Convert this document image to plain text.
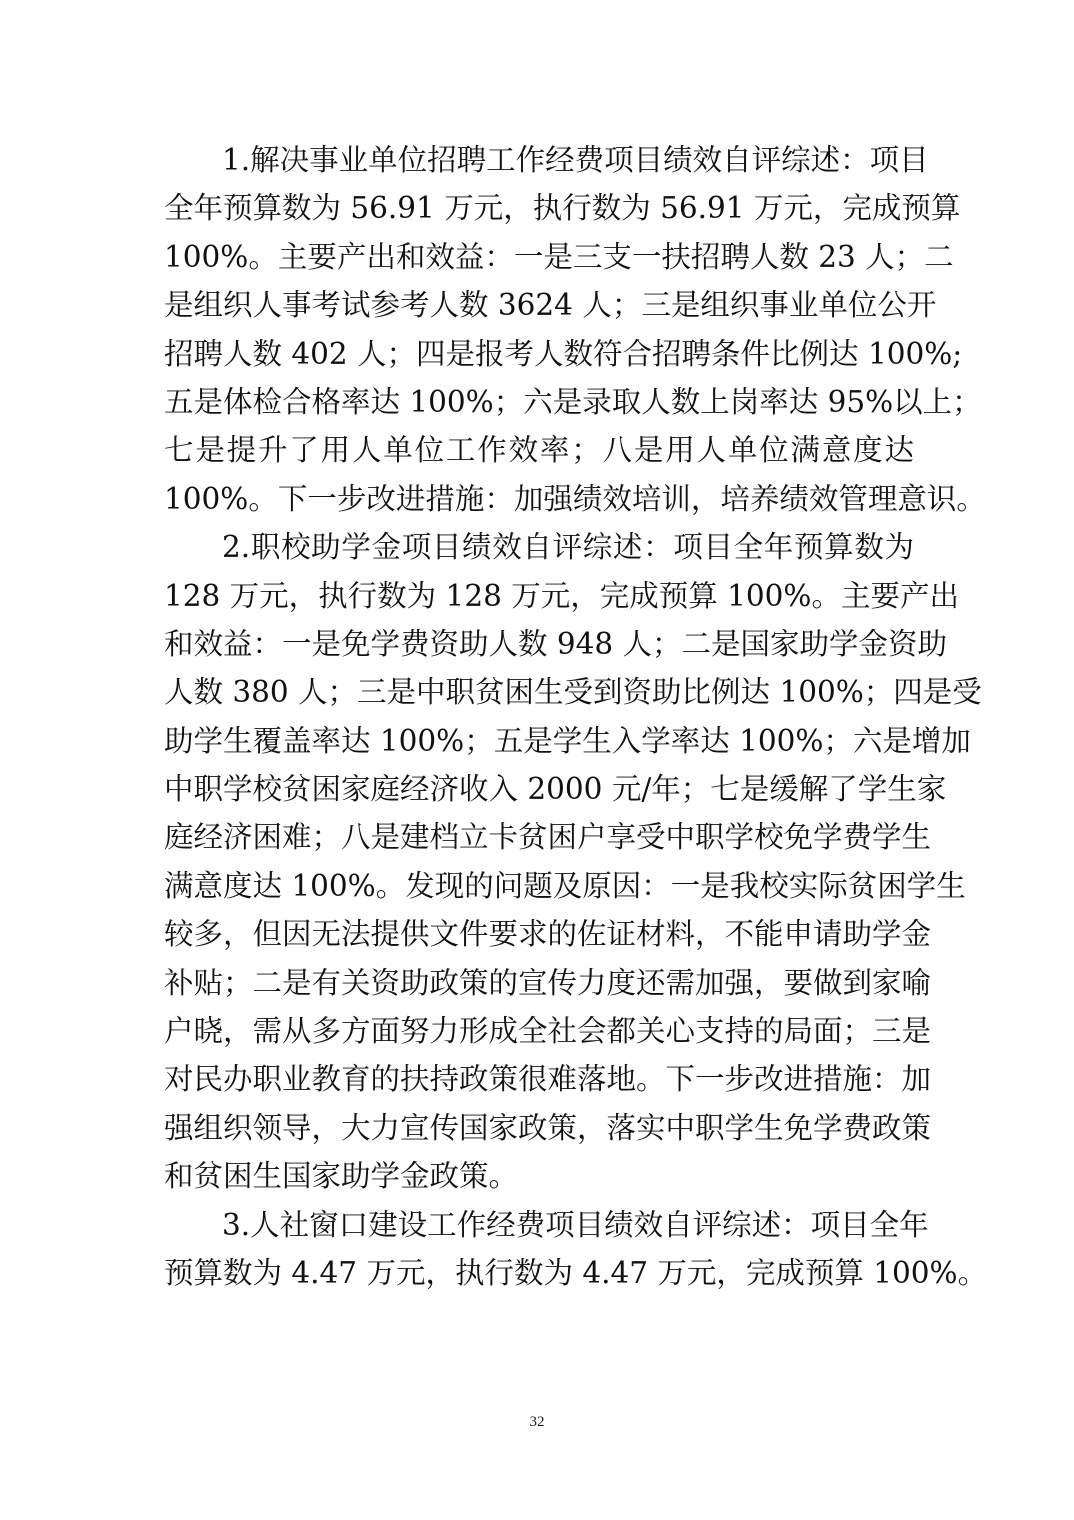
1.解决事业单位招聘工作经费项目绩效自评综述：项目
全年预算数为 56.91 万元，执行数为 56.91 万元，完成预算
100%。主要产出和效益：一是三支一扶招聘人数 23 人；二
是组织人事考试参考人数 3624 人；三是组织事业单位公开
招聘人数 402 人；四是报考人数符合招聘条件比例达 100%;
五是体检合格率达 100%；六是录取人数上岗率达 95%以上；
七是提升了用人单位工作效率；八是用人单位满意度达
100%。下一步改进措施：加强绩效培训，培养绩效管理意识。
2.职校助学金项目绩效自评综述：项目全年预算数为
128 万元，执行数为 128 万元，完成预算 100%。主要产出
和效益：一是免学费资助人数 948 人；二是国家助学金资助
人数 380 人；三是中职贫困生受到资助比例达 100%；四是受
助学生覆盖率达 100%；五是学生入学率达 100%；六是增加
中职学校贫困家庭经济收入 2000 元/年；七是缓解了学生家
庭经济困难；八是建档立卡贫困户享受中职学校免学费学生
满意度达 100%。发现的问题及原因：一是我校实际贫困学生
较多，但因无法提供文件要求的佐证材料，不能申请助学金
补贴；二是有关资助政策的宣传力度还需加强，要做到家喻
户晓，需从多方面努力形成全社会都关心支持的局面；三是
对民办职业教育的扶持政策很难落地。下一步改进措施：加
强组织领导，大力宣传国家政策，落实中职学生免学费政策
和贫困生国家助学金政策。
3.人社窗口建设工作经费项目绩效自评综述：项目全年
预算数为 4.47 万元，执行数为 4.47 万元，完成预算 100%。
32
